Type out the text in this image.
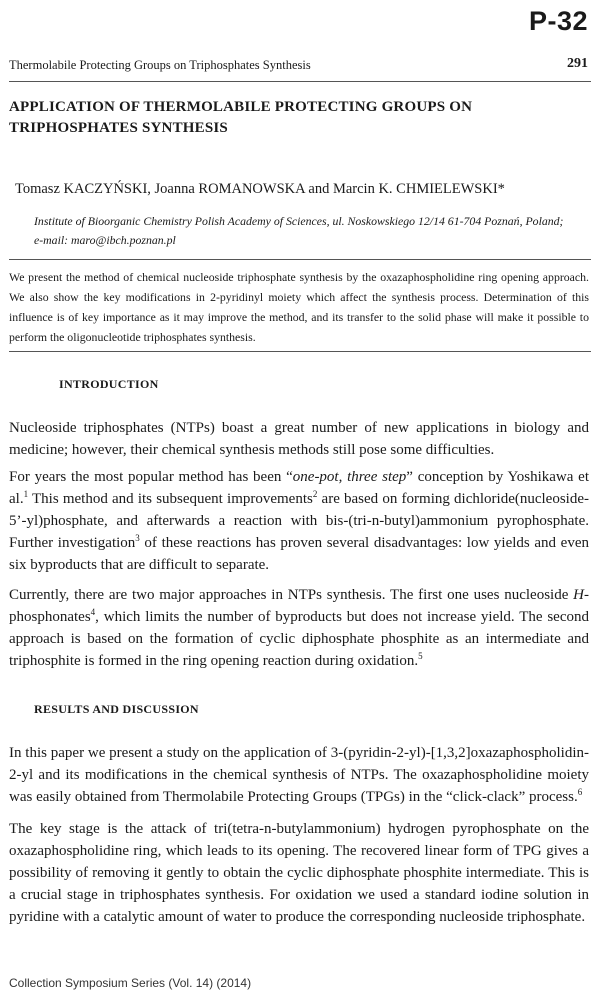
P-32
Thermolabile Protecting Groups on Triphosphates Synthesis	291
APPLICATION OF THERMOLABILE PROTECTING GROUPS ON TRIPHOSPHATES SYNTHESIS
Tomasz KACZYŃSKI, Joanna ROMANOWSKA and Marcin K. CHMIELEWSKI*
Institute of Bioorganic Chemistry Polish Academy of Sciences, ul. Noskowskiego 12/14 61-704 Poznań, Poland;
e-mail: maro@ibch.poznan.pl
We present the method of chemical nucleoside triphosphate synthesis by the oxazaphospholidine ring opening approach. We also show the key modifications in 2-pyridinyl moiety which affect the synthesis process. Determination of this influence is of key importance as it may improve the method, and its transfer to the solid phase will make it possible to perform the oligonucleotide triphosphates synthesis.
INTRODUCTION
Nucleoside triphosphates (NTPs) boast a great number of new applications in biology and medicine; however, their chemical synthesis methods still pose some difficulties.
For years the most popular method has been “one-pot, three step” conception by Yoshikawa et al.$^1$ This method and its subsequent improvements$^2$ are based on forming dichloride(nucleoside-5’-yl)phosphate, and afterwards a reaction with bis-(tri-n-butyl)ammonium pyrophosphate. Further investigation$^3$ of these reactions has proven several disadvantages: low yields and even six byproducts that are difficult to separate.
Currently, there are two major approaches in NTPs synthesis. The first one uses nucleoside H-phosphonates$^4$, which limits the number of byproducts but does not increase yield. The second approach is based on the formation of cyclic diphosphate phosphite as an intermediate and triphosphite is formed in the ring opening reaction during oxidation.$^5$
RESULTS AND DISCUSSION
In this paper we present a study on the application of 3-(pyridin-2-yl)-[1,3,2]oxazaphospholidin-2-yl and its modifications in the chemical synthesis of NTPs. The oxazaphospholidine moiety was easily obtained from Thermolabile Protecting Groups (TPGs) in the “click-clack” process.$^6$
The key stage is the attack of tri(tetra-n-butylammonium) hydrogen pyrophosphate on the oxazaphospholidine ring, which leads to its opening. The recovered linear form of TPG gives a possibility of removing it gently to obtain the cyclic diphosphate phosphite intermediate. This is a crucial stage in triphosphates synthesis. For oxidation we used a standard iodine solution in pyridine with a catalytic amount of water to produce the corresponding nucleoside triphosphate.
Collection Symposium Series (Vol. 14) (2014)
